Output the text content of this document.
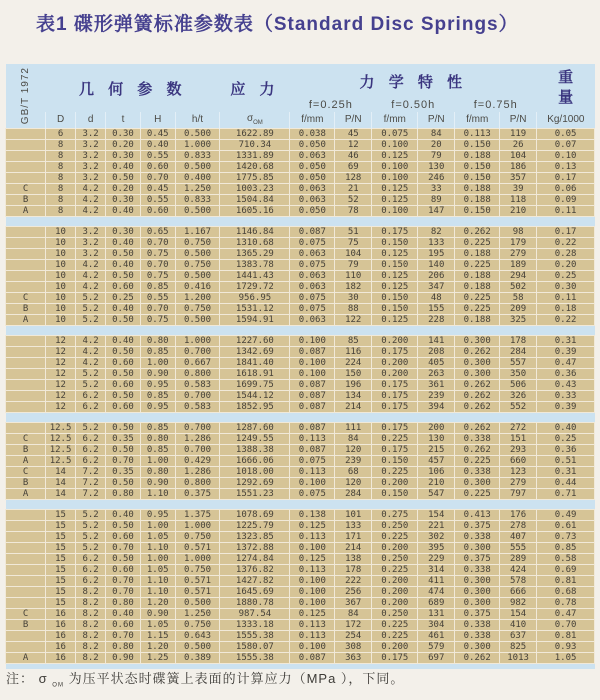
表1 碟形弹簧标准参数表（Standard Disc Springs）
GB/T 1972	几 何 参 数					应 力	力 学 特 性						重
量

							f=0.25h		f=0.50h		f=0.75h		
	D	d	t	H	h/t	$\sigma_{OM}$	f/mm	P/N	f/mm	P/N	f/mm	P/N	Kg/1000
	6	3.2	0.30	0.45	0.500	1622.89	0.038	45	0.075	84	0.113	119	0.05
	8	3.2	0.20	0.40	1.000	710.34	0.050	12	0.100	20	0.150	26	0.07
	8	3.2	0.30	0.55	0.833	1331.89	0.063	46	0.125	79	0.188	104	0.10
	8	3.2	0.40	0.60	0.500	1420.68	0.050	69	0.100	130	0.150	186	0.13
	8	3.2	0.50	0.70	0.400	1775.85	0.050	128	0.100	246	0.150	357	0.17
C	8	4.2	0.20	0.45	1.250	1003.23	0.063	21	0.125	33	0.188	39	0.06
B	8	4.2	0.30	0.55	0.833	1504.84	0.063	52	0.125	89	0.188	118	0.09
A	8	4.2	0.40	0.60	0.500	1605.16	0.050	78	0.100	147	0.150	210	0.11

	10	3.2	0.30	0.65	1.167	1146.84	0.087	51	0.175	82	0.262	98	0.17
	10	3.2	0.40	0.70	0.750	1310.68	0.075	75	0.150	133	0.225	179	0.22
	10	3.2	0.50	0.75	0.500	1365.29	0.063	104	0.125	195	0.188	279	0.28
	10	4.2	0.40	0.70	0.750	1383.78	0.075	79	0.150	140	0.225	189	0.20
	10	4.2	0.50	0.75	0.500	1441.43	0.063	110	0.125	206	0.188	294	0.25
	10	4.2	0.60	0.85	0.416	1729.72	0.063	182	0.125	347	0.188	502	0.30
C	10	5.2	0.25	0.55	1.200	956.95	0.075	30	0.150	48	0.225	58	0.11
B	10	5.2	0.40	0.70	0.750	1531.12	0.075	88	0.150	155	0.225	209	0.18
A	10	5.2	0.50	0.75	0.500	1594.91	0.063	122	0.125	228	0.188	325	0.22

	12	4.2	0.40	0.80	1.000	1227.60	0.100	85	0.200	141	0.300	178	0.31
	12	4.2	0.50	0.85	0.700	1342.69	0.087	116	0.175	208	0.262	284	0.39
	12	4.2	0.60	1.00	0.667	1841.40	0.100	224	0.200	405	0.300	557	0.47
	12	5.2	0.50	0.90	0.800	1618.91	0.100	150	0.200	263	0.300	350	0.36
	12	5.2	0.60	0.95	0.583	1699.75	0.087	196	0.175	361	0.262	506	0.43
	12	6.2	0.50	0.85	0.700	1544.12	0.087	134	0.175	239	0.262	326	0.33
	12	6.2	0.60	0.95	0.583	1852.95	0.087	214	0.175	394	0.262	552	0.39

	12.5	5.2	0.50	0.85	0.700	1287.60	0.087	111	0.175	200	0.262	272	0.40
C	12.5	6.2	0.35	0.80	1.286	1249.55	0.113	84	0.225	130	0.338	151	0.25
B	12.5	6.2	0.50	0.85	0.700	1388.38	0.087	120	0.175	215	0.262	293	0.36
A	12.5	6.2	0.70	1.00	0.429	1666.06	0.075	239	0.150	457	0.225	660	0.51
C	14	7.2	0.35	0.80	1.286	1018.00	0.113	68	0.225	106	0.338	123	0.31
B	14	7.2	0.50	0.90	0.800	1292.69	0.100	120	0.200	210	0.300	279	0.44
A	14	7.2	0.80	1.10	0.375	1551.23	0.075	284	0.150	547	0.225	797	0.71

	15	5.2	0.40	0.95	1.375	1078.69	0.138	101	0.275	154	0.413	176	0.49
	15	5.2	0.50	1.00	1.000	1225.79	0.125	133	0.250	221	0.375	278	0.61
	15	5.2	0.60	1.05	0.750	1323.85	0.113	171	0.225	302	0.338	407	0.73
	15	5.2	0.70	1.10	0.571	1372.88	0.100	214	0.200	395	0.300	555	0.85
	15	6.2	0.50	1.00	1.000	1274.84	0.125	138	0.250	229	0.375	289	0.58
	15	6.2	0.60	1.05	0.750	1376.82	0.113	178	0.225	314	0.338	424	0.69
	15	6.2	0.70	1.10	0.571	1427.82	0.100	222	0.200	411	0.300	578	0.81
	15	8.2	0.70	1.10	0.571	1645.69	0.100	256	0.200	474	0.300	666	0.68
	15	8.2	0.80	1.20	0.500	1880.78	0.100	367	0.200	689	0.300	982	0.78
C	16	8.2	0.40	0.90	1.250	987.54	0.125	84	0.250	131	0.375	154	0.47
B	16	8.2	0.60	1.05	0.750	1333.18	0.113	172	0.225	304	0.338	410	0.70
	16	8.2	0.70	1.15	0.643	1555.38	0.113	254	0.225	461	0.338	637	0.81
	16	8.2	0.80	1.20	0.500	1580.07	0.100	308	0.200	579	0.300	825	0.93
A	16	8.2	0.90	1.25	0.389	1555.38	0.087	363	0.175	697	0.262	1013	1.05

注： σ $_{OM}$ 为压平状态时碟簧上表面的计算应力（MPa ），下同。
